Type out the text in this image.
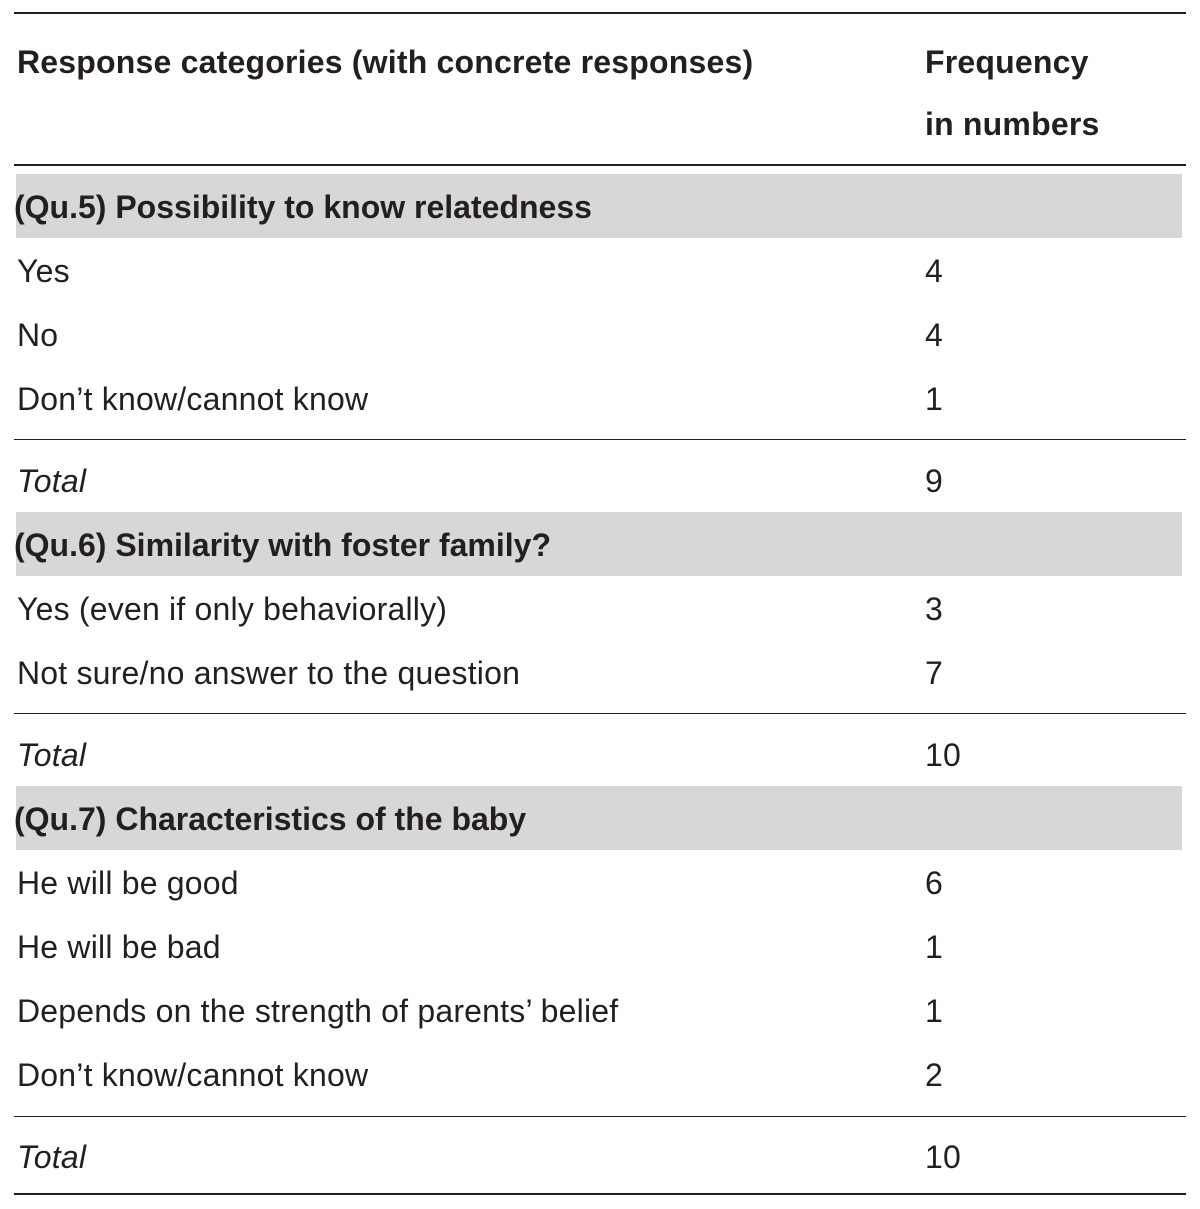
Response categories (with concrete responses)	Frequency
in numbers
(Qu.5) Possibility to know relatedness
Yes	4
No	4
Don’t know/cannot know	1
Total	9
(Qu.6) Similarity with foster family?
Yes (even if only behaviorally)	3
Not sure/no answer to the question	7
Total	10
(Qu.7) Characteristics of the baby
He will be good	6
He will be bad	1
Depends on the strength of parents’ belief	1
Don’t know/cannot know	2
Total	10
